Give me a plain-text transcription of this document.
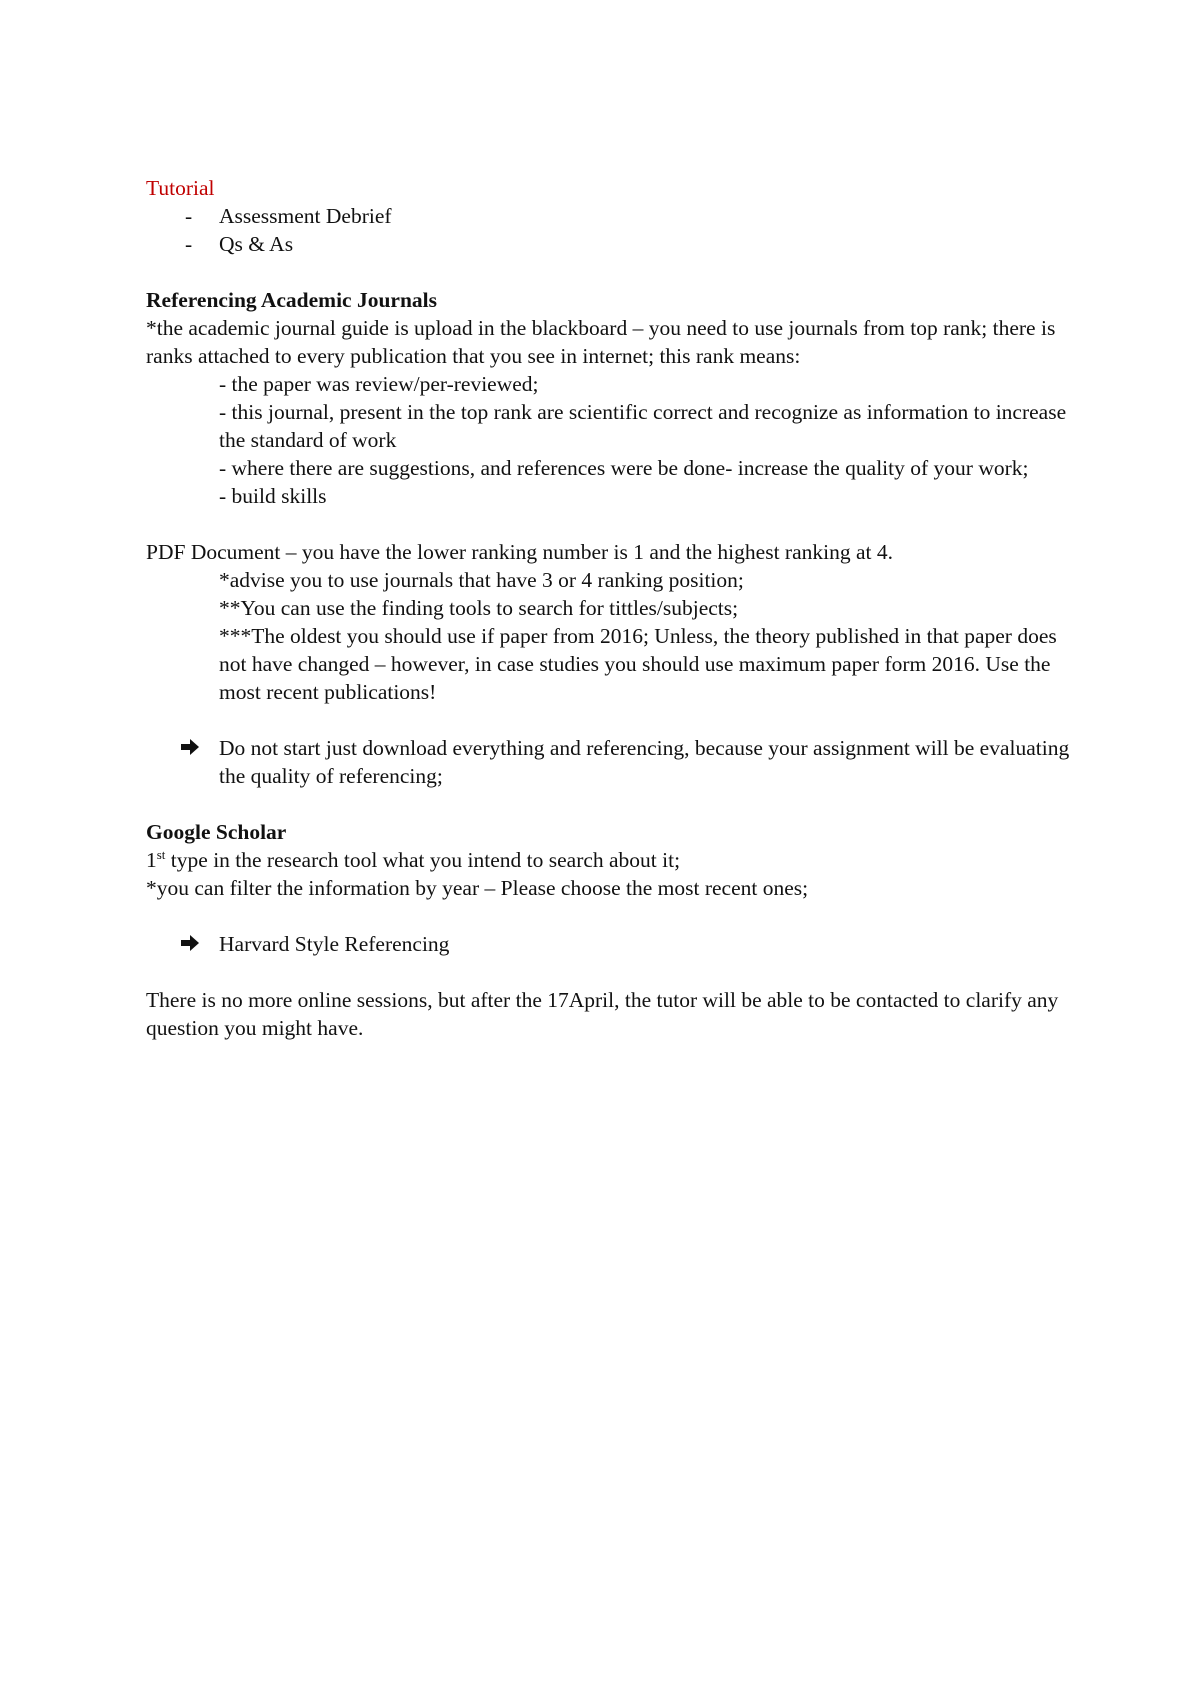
Tutorial
- Assessment Debrief
- Qs & As
Referencing Academic Journals
*the academic journal guide is upload in the blackboard – you need to use journals from top rank; there is ranks attached to every publication that you see in internet; this rank means:
- the paper was review/per-reviewed;
- this journal, present in the top rank are scientific correct and recognize as information to increase the standard of work
- where there are suggestions, and references were be done- increase the quality of your work;
- build skills
PDF Document – you have the lower ranking number is 1 and the highest ranking at 4.
*advise you to use journals that have 3 or 4 ranking position;
**You can use the finding tools to search for tittles/subjects;
***The oldest you should use if paper from 2016; Unless, the theory published in that paper does not have changed – however, in case studies you should use maximum paper form 2016. Use the most recent publications!
Do not start just download everything and referencing, because your assignment will be evaluating the quality of referencing;
Google Scholar
1st type in the research tool what you intend to search about it;
*you can filter the information by year – Please choose the most recent ones;
Harvard Style Referencing
There is no more online sessions, but after the 17April, the tutor will be able to be contacted to clarify any question you might have.
